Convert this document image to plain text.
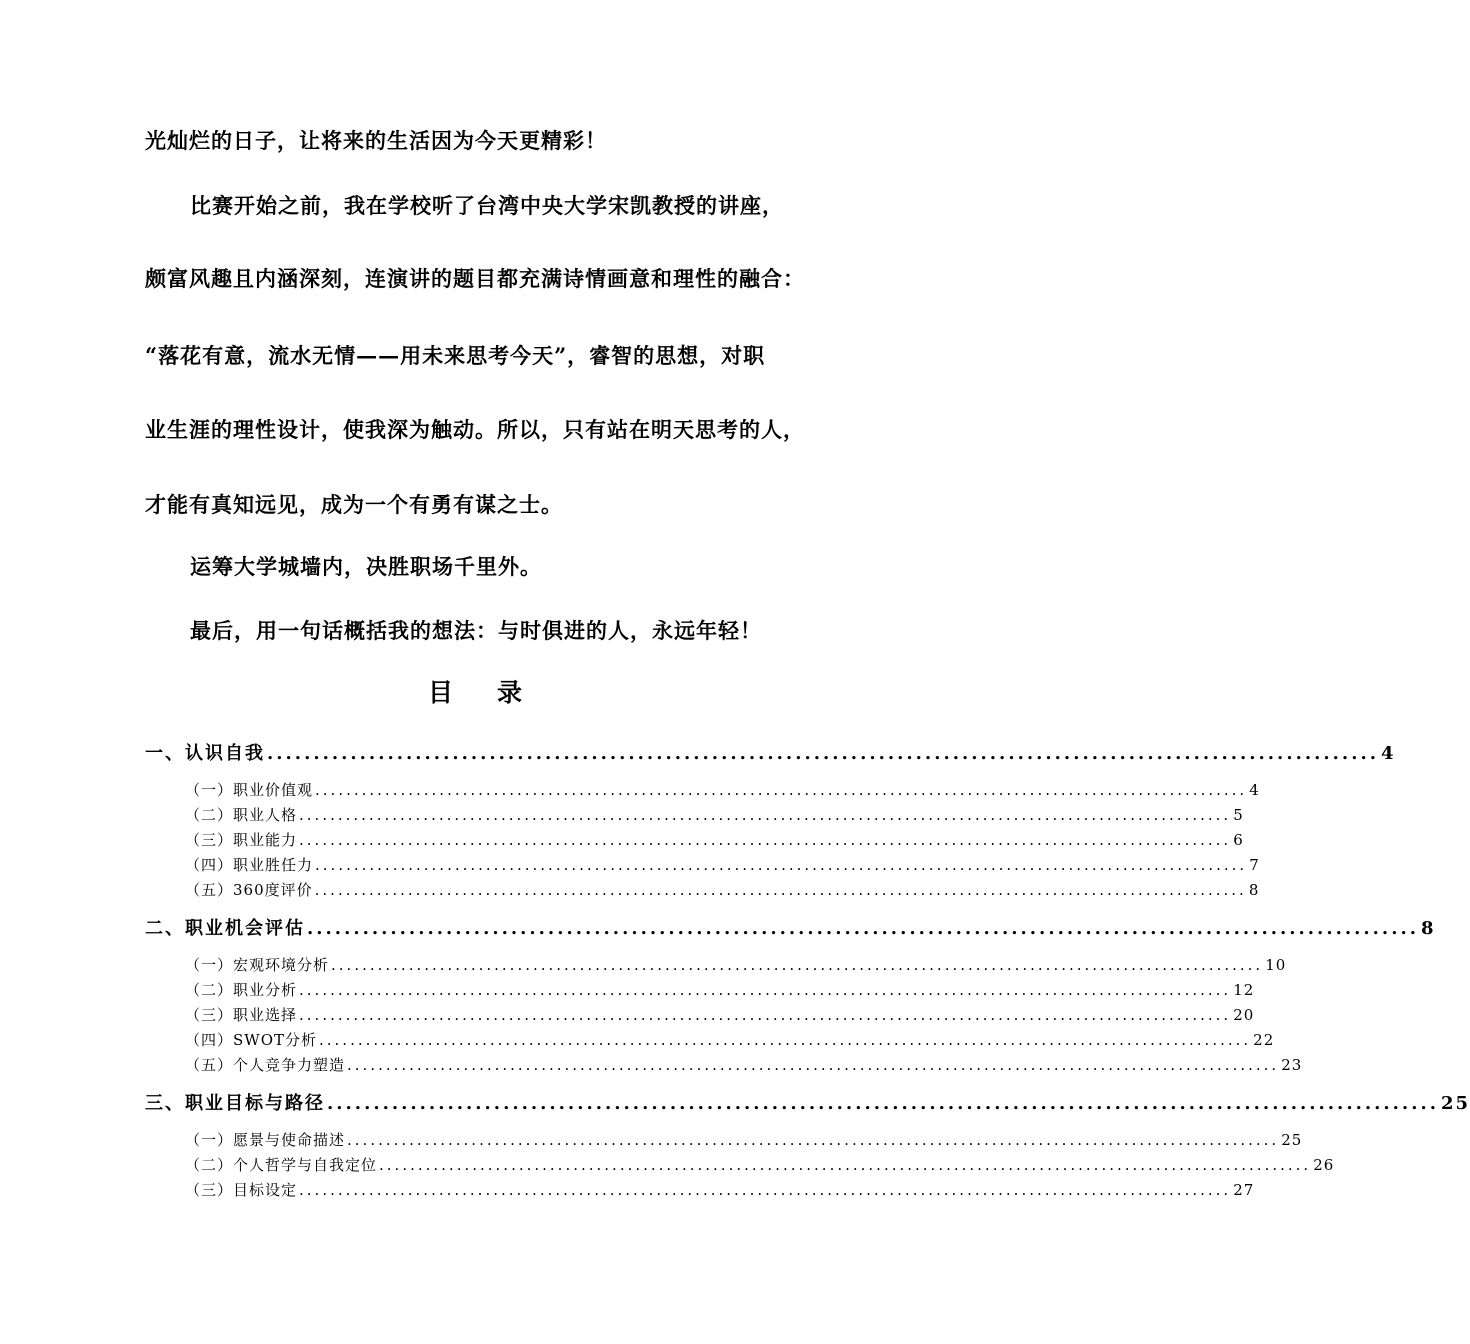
光灿烂的日子，让将来的生活因为今天更精彩！

比赛开始之前，我在学校听了台湾中央大学宋凯教授的讲座，

颇富风趣且内涵深刻，连演讲的题目都充满诗情画意和理性的融合：

“落花有意，流水无情——用未来思考今天”，睿智的思想，对职

业生涯的理性设计，使我深为触动。所以，只有站在明天思考的人，

才能有真知远见，成为一个有勇有谋之士。

运筹大学城墙内，决胜职场千里外。

最后，用一句话概括我的想法：与时俱进的人，永远年轻！

目录
一、认识自我 ........................................................................................................................ 4
（一）职业价值观 ........................................................................................................................ 4
（二）职业人格 ........................................................................................................................ 5
（三）职业能力 ........................................................................................................................ 6
（四）职业胜任力 ........................................................................................................................ 7
（五）360度评价 ........................................................................................................................ 8
二、职业机会评估 ........................................................................................................................ 8
（一）宏观环境分析 ........................................................................................................................ 10
（二）职业分析 ........................................................................................................................ 12
（三）职业选择 ........................................................................................................................ 20
（四）SWOT分析 ........................................................................................................................ 22
（五）个人竞争力塑造 ........................................................................................................................ 23
三、职业目标与路径 ........................................................................................................................ 25
（一）愿景与使命描述 ........................................................................................................................ 25
（二）个人哲学与自我定位 ........................................................................................................................ 26
（三）目标设定 ........................................................................................................................ 27
